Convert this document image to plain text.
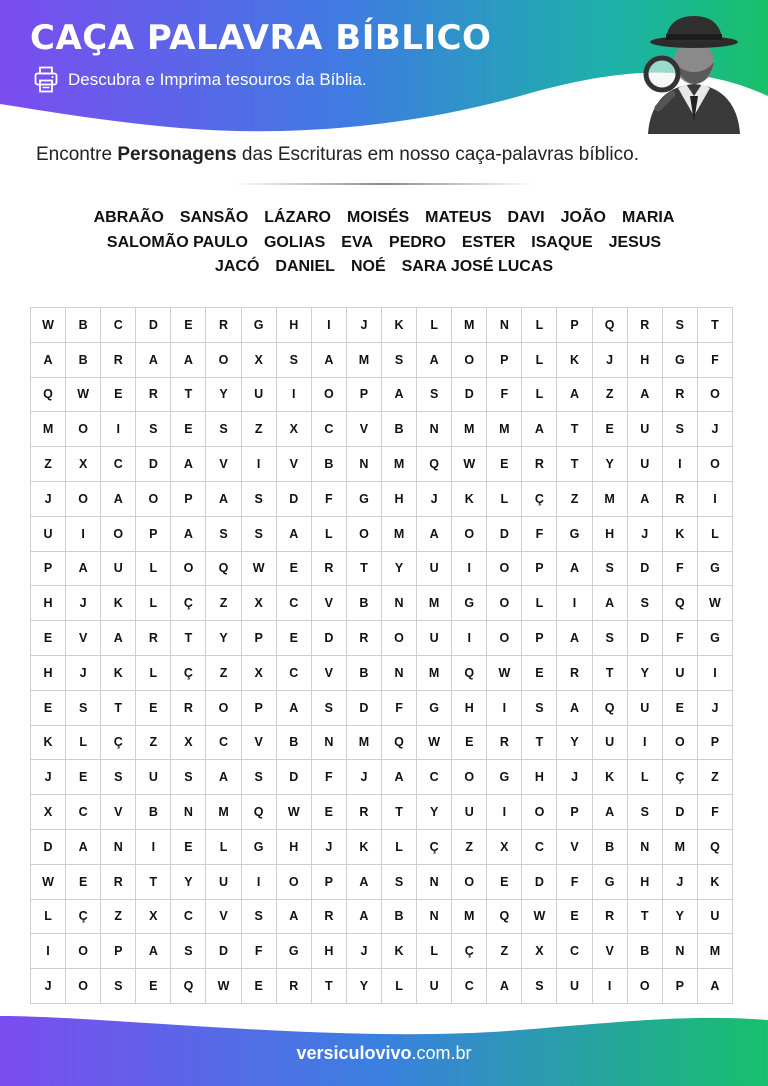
CAÇA PALAVRA BÍBLICO
Descubra e Imprima tesouros da Bíblia.
Encontre Personagens das Escrituras em nosso caça-palavras bíblico.
ABRAÃO SANSÃO LÁZARO MOISÉS MATEUS DAVI JOÃO MARIA
SALOMÃO PAULO GOLIAS EVA PEDRO ESTER ISAQUE JESUS
JACÓ DANIEL NOÉ SARA JOSÉ LUCAS
W	B	C	D	E	R	G	H	I	J	K	L	M	N	L	P	Q	R	S	T
A	B	R	A	A	O	X	S	A	M	S	A	O	P	L	K	J	H	G	F
Q	W	E	R	T	Y	U	I	O	P	A	S	D	F	L	A	Z	A	R	O
M	O	I	S	E	S	Z	X	C	V	B	N	M	M	A	T	E	U	S	J
Z	X	C	D	A	V	I	V	B	N	M	Q	W	E	R	T	Y	U	I	O
J	O	A	O	P	A	S	D	F	G	H	J	K	L	Ç	Z	M	A	R	I
U	I	O	P	A	S	S	A	L	O	M	A	O	D	F	G	H	J	K	L
P	A	U	L	O	Q	W	E	R	T	Y	U	I	O	P	A	S	D	F	G
H	J	K	L	Ç	Z	X	C	V	B	N	M	G	O	L	I	A	S	Q	W
E	V	A	R	T	Y	P	E	D	R	O	U	I	O	P	A	S	D	F	G
H	J	K	L	Ç	Z	X	C	V	B	N	M	Q	W	E	R	T	Y	U	I
E	S	T	E	R	O	P	A	S	D	F	G	H	I	S	A	Q	U	E	J
K	L	Ç	Z	X	C	V	B	N	M	Q	W	E	R	T	Y	U	I	O	P
J	E	S	U	S	A	S	D	F	J	A	C	O	G	H	J	K	L	Ç	Z
X	C	V	B	N	M	Q	W	E	R	T	Y	U	I	O	P	A	S	D	F
D	A	N	I	E	L	G	H	J	K	L	Ç	Z	X	C	V	B	N	M	Q
W	E	R	T	Y	U	I	O	P	A	S	N	O	E	D	F	G	H	J	K
L	Ç	Z	X	C	V	S	A	R	A	B	N	M	Q	W	E	R	T	Y	U
I	O	P	A	S	D	F	G	H	J	K	L	Ç	Z	X	C	V	B	N	M
J	O	S	E	Q	W	E	R	T	Y	L	U	C	A	S	U	I	O	P	A
versiculovivo.com.br
